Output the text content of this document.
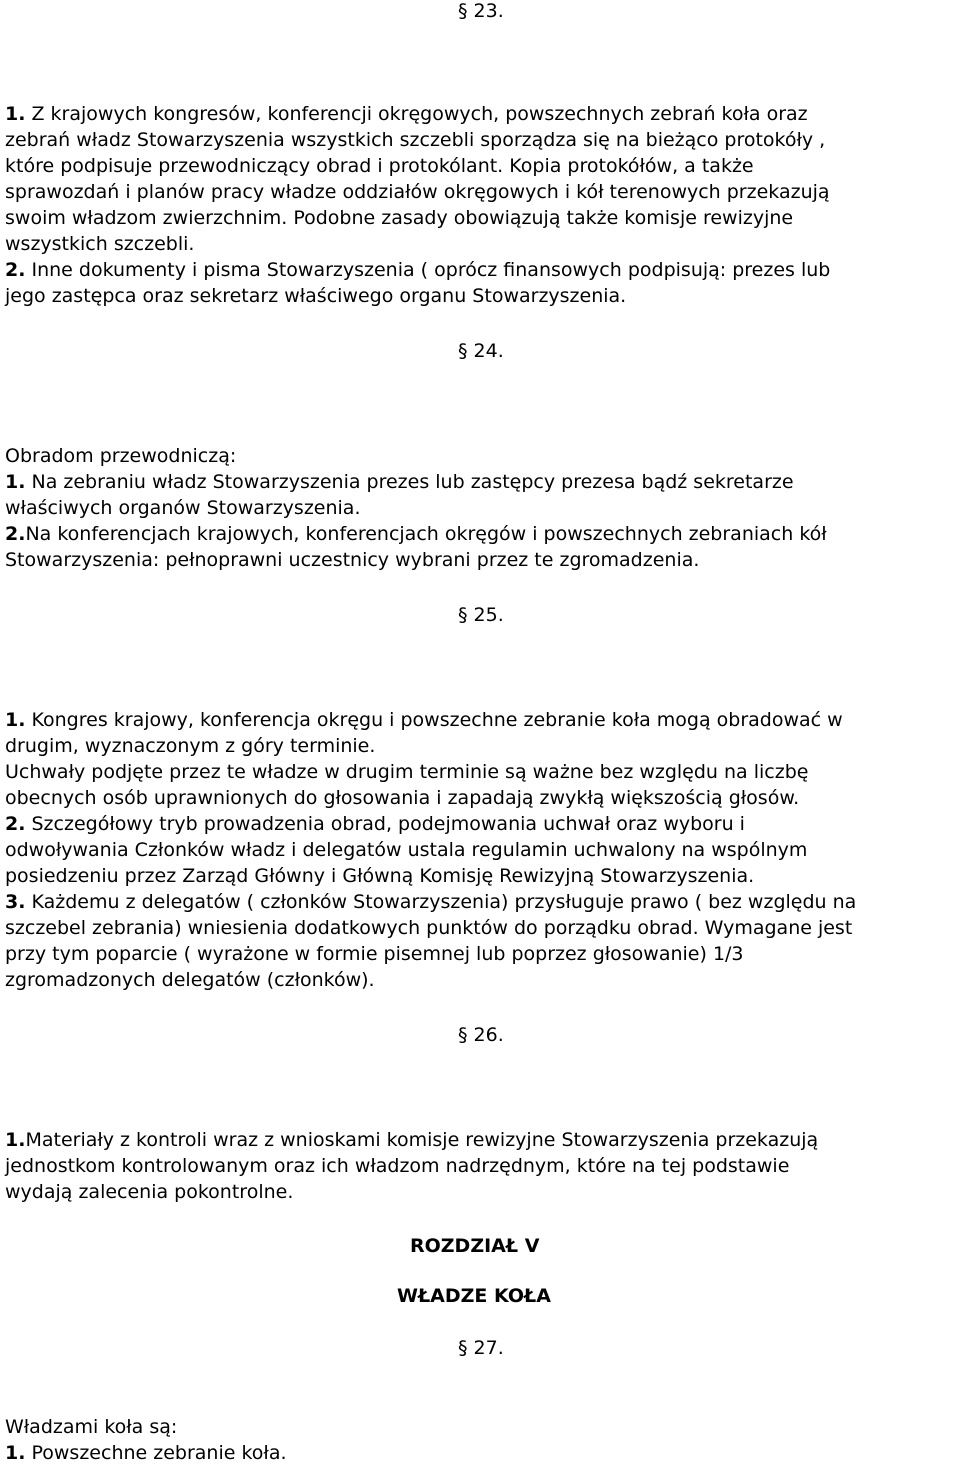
§ 23.
1. Z krajowych kongresów, konferencji okręgowych, powszechnych zebrań koła oraz
zebrań władz Stowarzyszenia wszystkich szczebli sporządza się na bieżąco protokóły ,
które podpisuje przewodniczący obrad i protokólant. Kopia protokółów, a także
sprawozdań i planów pracy władze oddziałów okręgowych i kół terenowych przekazują
swoim władzom zwierzchnim. Podobne zasady obowiązują także komisje rewizyjne
wszystkich szczebli.
2. Inne dokumenty i pisma Stowarzyszenia ( oprócz finansowych podpisują: prezes lub
jego zastępca oraz sekretarz właściwego organu Stowarzyszenia.
§ 24.
Obradom przewodniczą:
1. Na zebraniu władz Stowarzyszenia prezes lub zastępcy prezesa bądź sekretarze
właściwych organów Stowarzyszenia.
2.Na konferencjach krajowych, konferencjach okręgów i powszechnych zebraniach kół
Stowarzyszenia: pełnoprawni uczestnicy wybrani przez te zgromadzenia.
§ 25.
1. Kongres krajowy, konferencja okręgu i powszechne zebranie koła mogą obradować w
drugim, wyznaczonym z góry terminie.
Uchwały podjęte przez te władze w drugim terminie są ważne bez względu na liczbę
obecnych osób uprawnionych do głosowania i zapadają zwykłą większością głosów.
2. Szczegółowy tryb prowadzenia obrad, podejmowania uchwał oraz wyboru i
odwoływania Członków władz i delegatów ustala regulamin uchwalony na wspólnym
posiedzeniu przez Zarząd Główny i Główną Komisję Rewizyjną Stowarzyszenia.
3. Każdemu z delegatów ( członków Stowarzyszenia) przysługuje prawo ( bez względu na
szczebel zebrania) wniesienia dodatkowych punktów do porządku obrad. Wymagane jest
przy tym poparcie ( wyrażone w formie pisemnej lub poprzez głosowanie) 1/3
zgromadzonych delegatów (członków).
§ 26.
1.Materiały z kontroli wraz z wnioskami komisje rewizyjne Stowarzyszenia przekazują
jednostkom kontrolowanym oraz ich władzom nadrzędnym, które na tej podstawie
wydają zalecenia pokontrolne.
ROZDZIAŁ V
WŁADZE KOŁA
§ 27.
Władzami koła są:
1. Powszechne zebranie koła.
